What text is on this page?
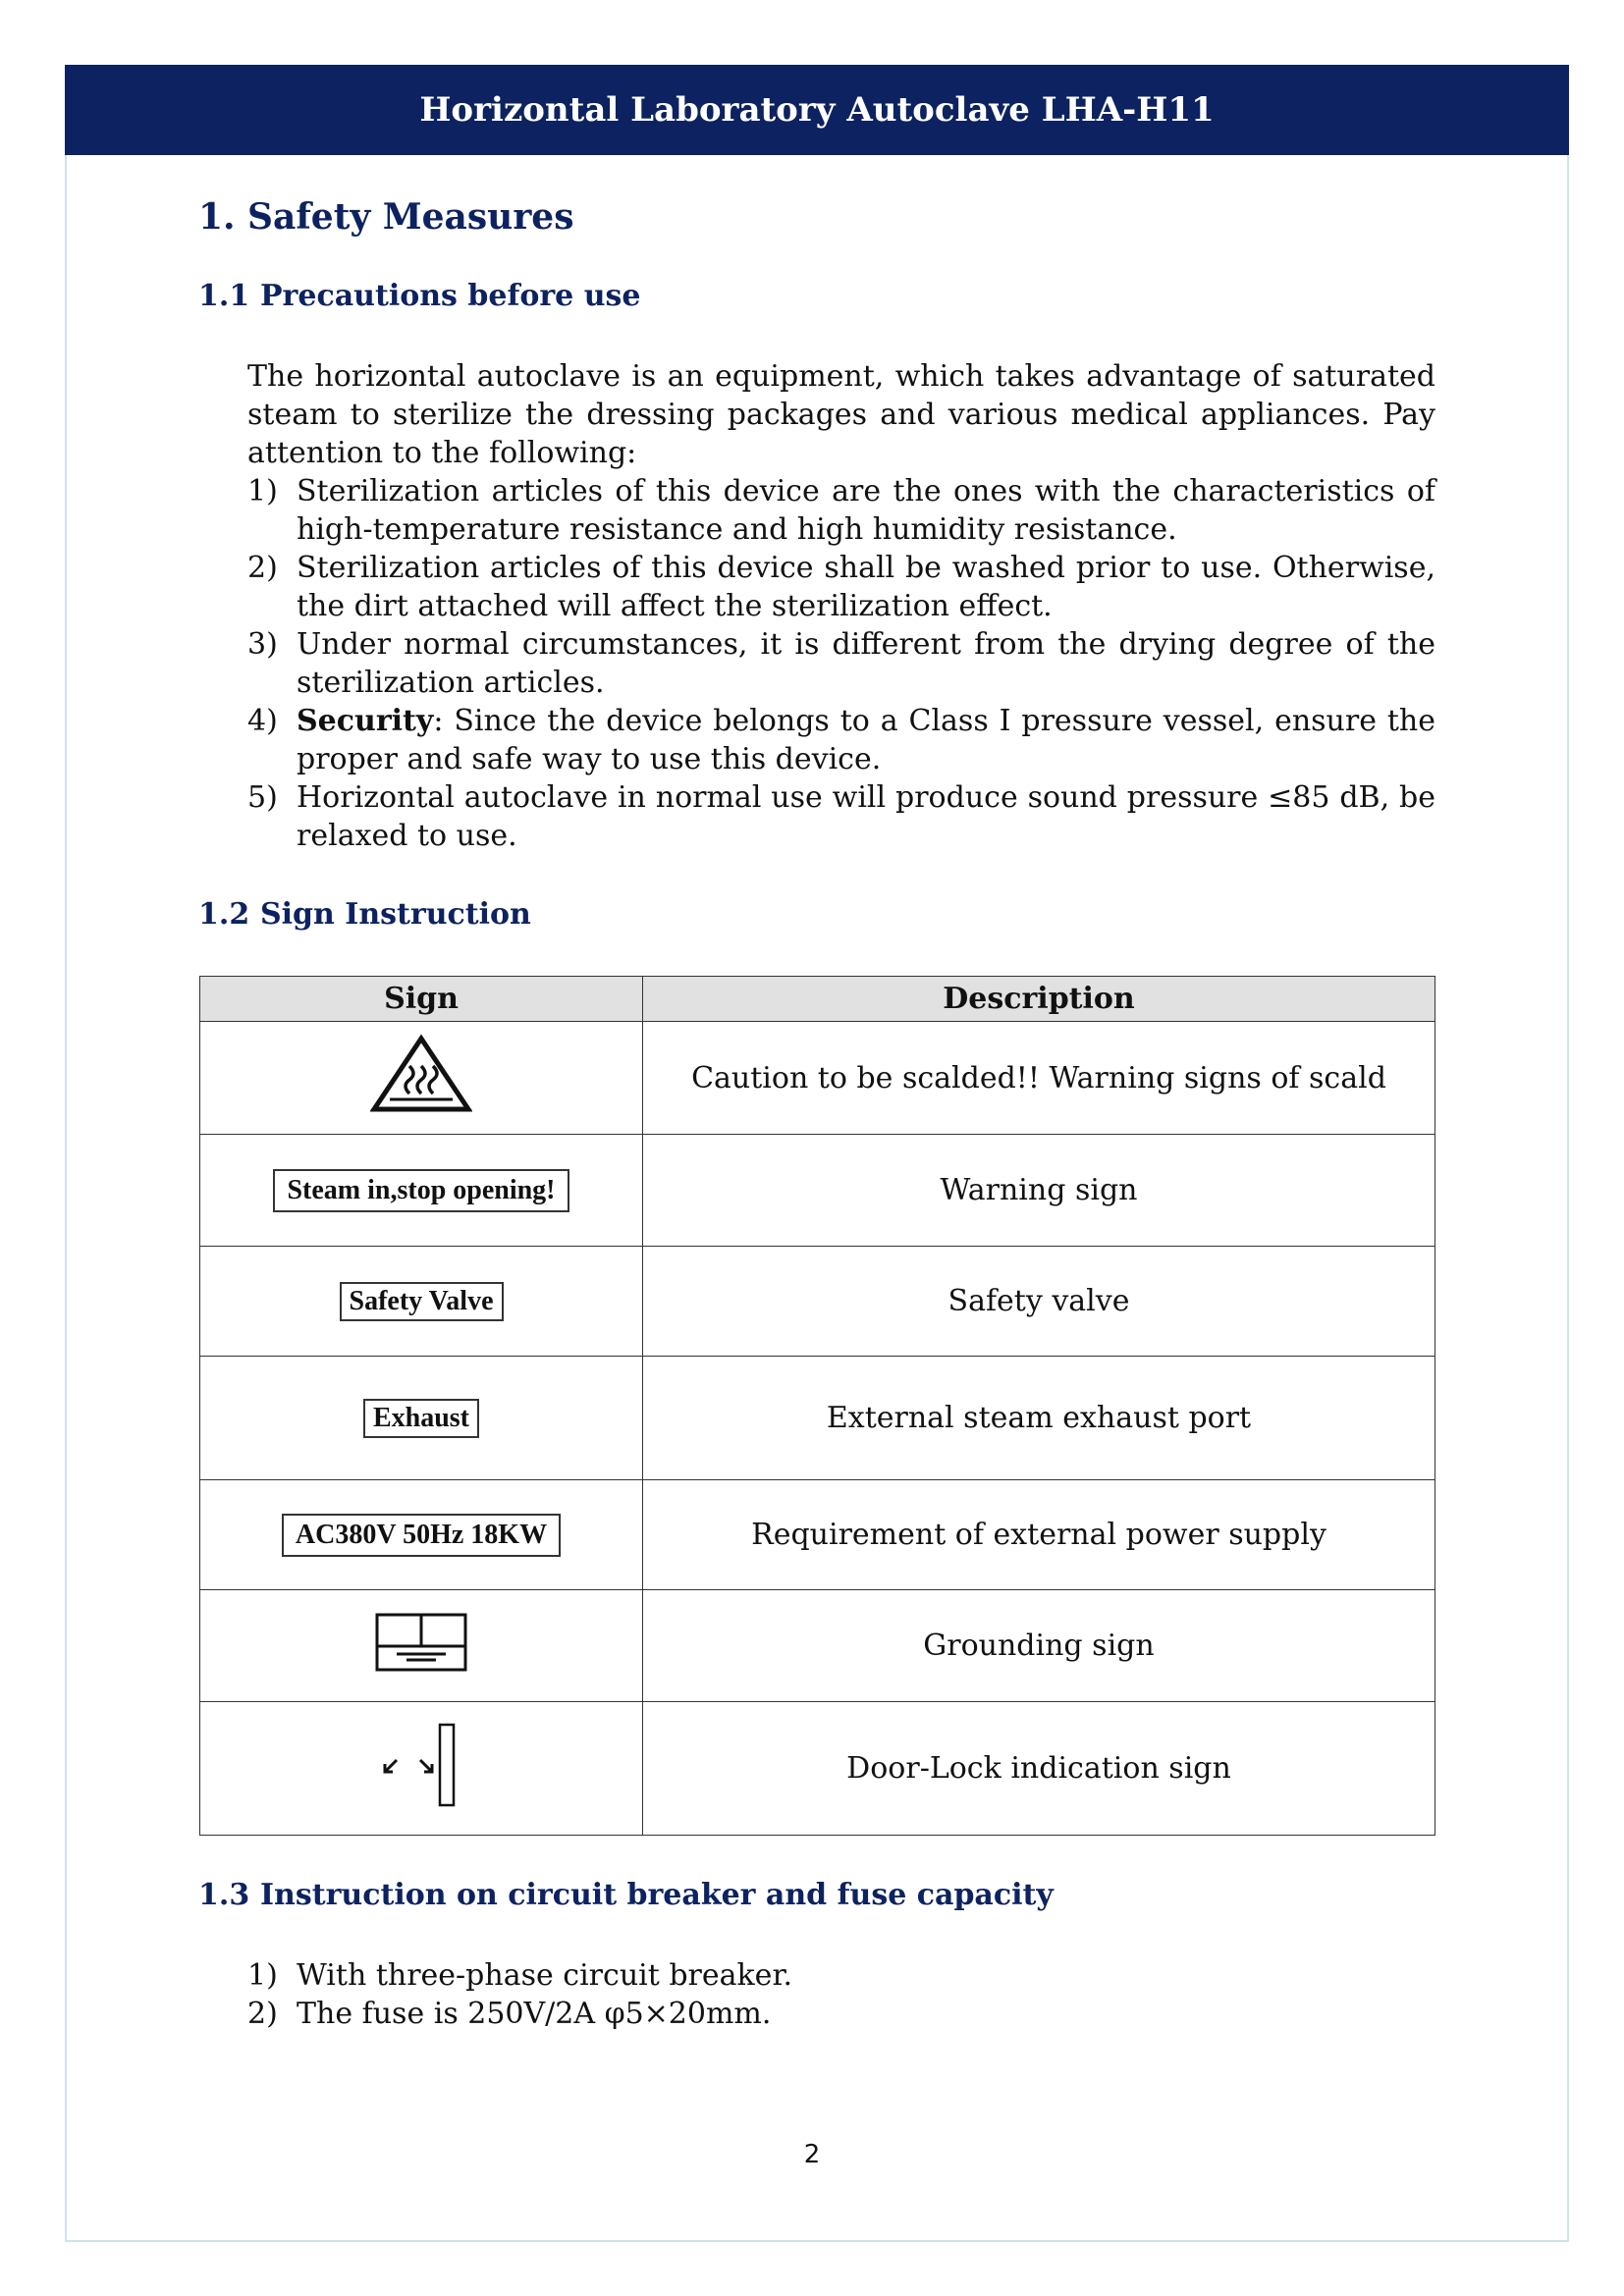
Horizontal Laboratory Autoclave LHA-H11
1. Safety Measures
1.1 Precautions before use
The horizontal autoclave is an equipment, which takes advantage of saturated steam to sterilize the dressing packages and various medical appliances. Pay attention to the following:
1) Sterilization articles of this device are the ones with the characteristics of high-temperature resistance and high humidity resistance.
2) Sterilization articles of this device shall be washed prior to use. Otherwise, the dirt attached will affect the sterilization effect.
3) Under normal circumstances, it is different from the drying degree of the sterilization articles.
4) Security: Since the device belongs to a Class I pressure vessel, ensure the proper and safe way to use this device.
5) Horizontal autoclave in normal use will produce sound pressure ≤85 dB, be relaxed to use.
1.2 Sign Instruction
Sign	Description
	Caution to be scalded!! Warning signs of scald
Steam in,stop opening!	Warning sign
Safety Valve	Safety valve
Exhaust	External steam exhaust port
AC380V 50Hz 18KW	Requirement of external power supply
	Grounding sign
	Door-Lock indication sign
1.3 Instruction on circuit breaker and fuse capacity
1) With three-phase circuit breaker.
2) The fuse is 250V/2A φ5×20mm.
2
